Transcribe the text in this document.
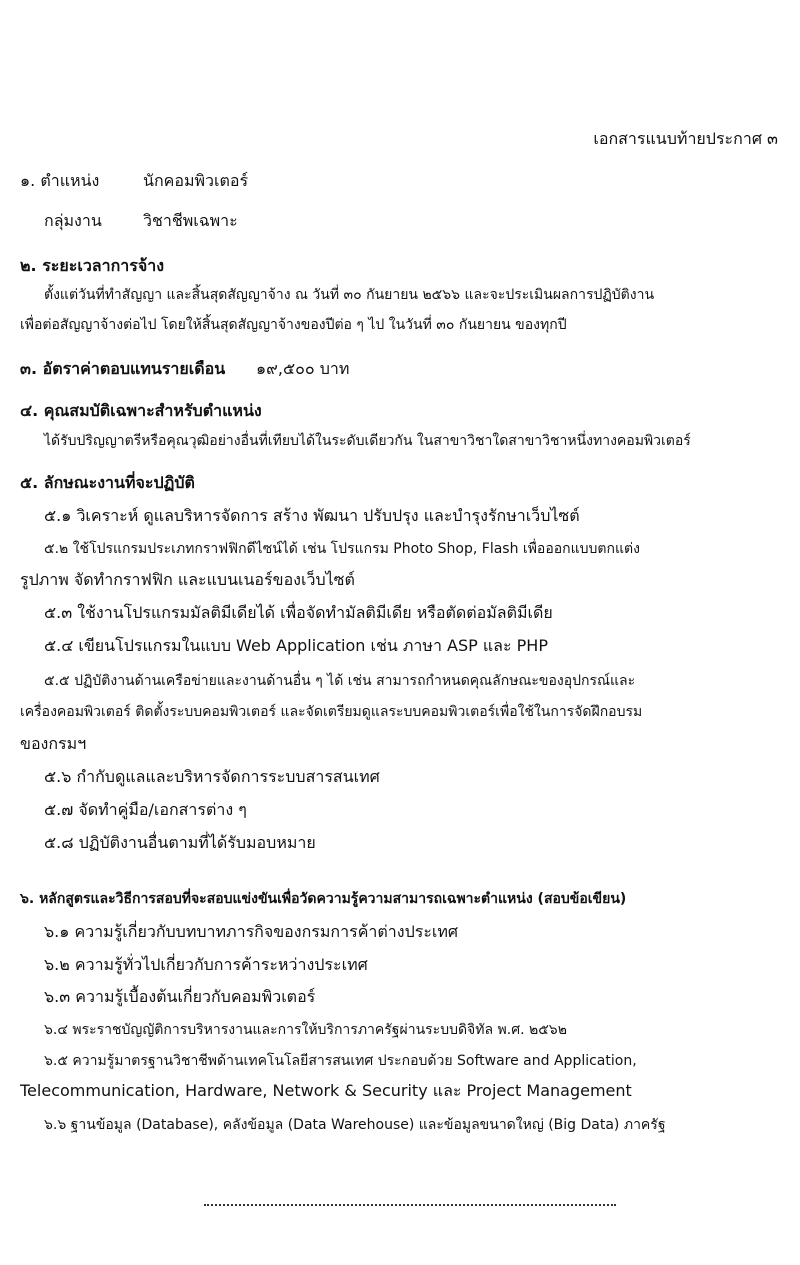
เอกสารแนบท้ายประกาศ ๓
๑. ตำแหน่ง	นักคอมพิวเตอร์
กลุ่มงาน	วิชาชีพเฉพาะ
๒. ระยะเวลาการจ้าง
ตั้งแต่วันที่ทำสัญญา และสิ้นสุดสัญญาจ้าง ณ วันที่ ๓๐ กันยายน ๒๕๖๖ และจะประเมินผลการปฏิบัติงาน
เพื่อต่อสัญญาจ้างต่อไป โดยให้สิ้นสุดสัญญาจ้างของปีต่อ ๆ ไป ในวันที่ ๓๐ กันยายน ของทุกปี
๓. อัตราค่าตอบแทนรายเดือน ๑๙,๕๐๐ บาท
๔. คุณสมบัติเฉพาะสำหรับตำแหน่ง
ได้รับปริญญาตรีหรือคุณวุฒิอย่างอื่นที่เทียบได้ในระดับเดียวกัน ในสาขาวิชาใดสาขาวิชาหนึ่งทางคอมพิวเตอร์
๕. ลักษณะงานที่จะปฏิบัติ
๕.๑ วิเคราะห์ ดูแลบริหารจัดการ สร้าง พัฒนา ปรับปรุง และบำรุงรักษาเว็บไซต์
๕.๒ ใช้โปรแกรมประเภทกราฟฟิกดีไซน์ได้ เช่น โปรแกรม Photo Shop, Flash เพื่อออกแบบตกแต่ง
รูปภาพ จัดทำกราฟฟิก และแบนเนอร์ของเว็บไซต์
๕.๓ ใช้งานโปรแกรมมัลติมีเดียได้ เพื่อจัดทำมัลติมีเดีย หรือตัดต่อมัลติมีเดีย
๕.๔ เขียนโปรแกรมในแบบ Web Application เช่น ภาษา ASP และ PHP
๕.๕ ปฏิบัติงานด้านเครือข่ายและงานด้านอื่น ๆ ได้ เช่น สามารถกำหนดคุณลักษณะของอุปกรณ์และ
เครื่องคอมพิวเตอร์ ติดตั้งระบบคอมพิวเตอร์ และจัดเตรียมดูแลระบบคอมพิวเตอร์เพื่อใช้ในการจัดฝึกอบรม
ของกรมฯ
๕.๖ กำกับดูแลและบริหารจัดการระบบสารสนเทศ
๕.๗ จัดทำคู่มือ/เอกสารต่าง ๆ
๕.๘ ปฏิบัติงานอื่นตามที่ได้รับมอบหมาย
๖. หลักสูตรและวิธีการสอบที่จะสอบแข่งขันเพื่อวัดความรู้ความสามารถเฉพาะตำแหน่ง (สอบข้อเขียน)
๖.๑ ความรู้เกี่ยวกับบทบาทภารกิจของกรมการค้าต่างประเทศ
๖.๒ ความรู้ทั่วไปเกี่ยวกับการค้าระหว่างประเทศ
๖.๓ ความรู้เบื้องต้นเกี่ยวกับคอมพิวเตอร์
๖.๔ พระราชบัญญัติการบริหารงานและการให้บริการภาครัฐผ่านระบบดิจิทัล พ.ศ. ๒๕๖๒
๖.๕ ความรู้มาตรฐานวิชาชีพด้านเทคโนโลยีสารสนเทศ ประกอบด้วย Software and Application,
Telecommunication, Hardware, Network & Security และ Project Management
๖.๖ ฐานข้อมูล (Database), คลังข้อมูล (Data Warehouse) และข้อมูลขนาดใหญ่ (Big Data) ภาครัฐ
